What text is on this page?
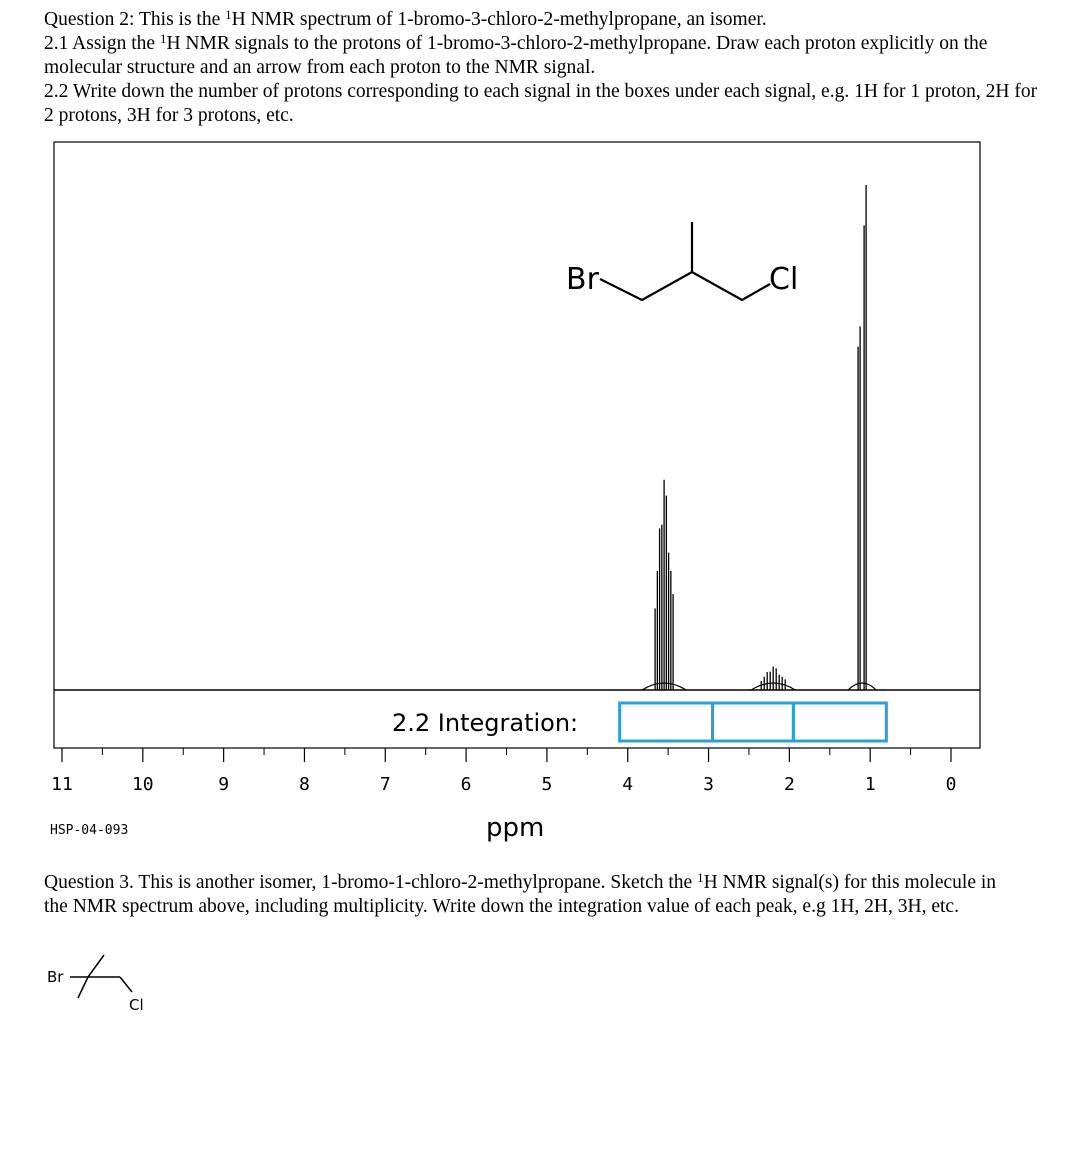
Question 2: This is the $^1$H NMR spectrum of 1-bromo-3-chloro-2-methylpropane, an isomer.

2.1 Assign the $^1$H NMR signals to the protons of 1-bromo-3-chloro-2-methylpropane. Draw each proton explicitly on the molecular structure and an arrow from each proton to the NMR signal.

2.2 Write down the number of protons corresponding to each signal in the boxes under each signal, e.g. 1H for 1 proton, 2H for 2 protons, 3H for 3 protons, etc.

2.2 Integration:
11	10	9	8	7	6	5	4	3	2	1	0
HSP-04-093	ppm
Br	Cl

Question 3. This is another isomer, 1-bromo-1-chloro-2-methylpropane. Sketch the $^1$H NMR signal(s) for this molecule in the NMR spectrum above, including multiplicity. Write down the integration value of each peak, e.g 1H, 2H, 3H, etc.

Br
Cl
